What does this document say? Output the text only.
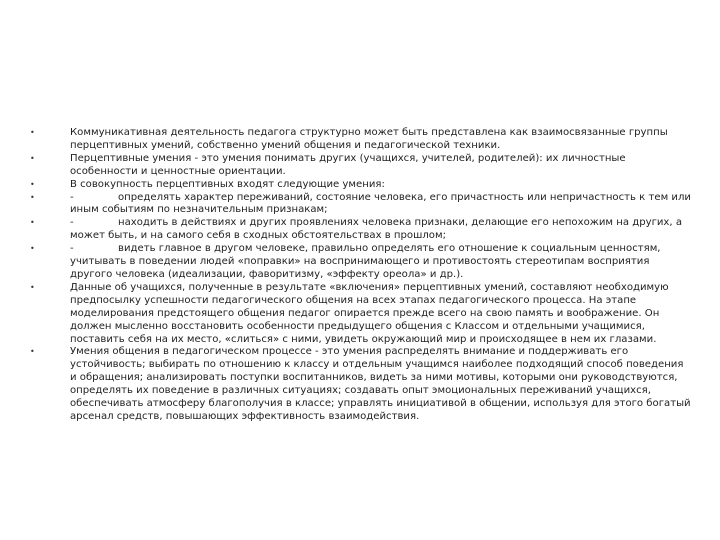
•	Коммуникативная деятельность педагога структурно может быть представлена как взаимосвязанные группы перцептивных умений, собственно умений общения и педагогической техники.
•	Перцептивные умения - это умения понимать других (учащихся, учителей, родителей): их личностные особенности и ценностные ориентации.
•	В совокупность перцептивных входят следующие умения:
•	-	определять характер переживаний, состояние человека, его причастность или непричастность к тем или иным событиям по незначительным признакам;
•	-	находить в действиях и других проявлениях человека признаки, делающие его непохожим на других, а может быть, и на самого себя в сходных обстоятельствах в прошлом;
•	-	видеть главное в другом человеке, правильно определять его отношение к социальным ценностям, учитывать в поведении людей «поправки» на воспринимающего и противостоять стереотипам восприятия другого человека (идеализации, фаворитизму, «эффекту ореола» и др.).
•	Данные об учащихся, полученные в результате «включения» перцептивных умений, составляют необходимую предпосылку успешности педагогического общения на всех этапах педагогического процесса. На этапе моделирования предстоящего общения педагог опирается прежде всего на свою память и воображение. Он должен мысленно восстановить особенности предыдущего общения с Классом и отдельными учащимися, поставить себя на их место, «слиться» с ними, увидеть окружающий мир и происходящее в нем их глазами.
•	Умения общения в педагогическом процессе - это умения распределять внимание и поддерживать его устойчивость; выбирать по отношению к классу и отдельным учащимся наиболее подходящий способ поведения и обращения; анализировать поступки воспитанников, видеть за ними мотивы, которыми они руководствуются, определять их поведение в различных ситуациях; создавать опыт эмоциональных переживаний учащихся, обеспечивать атмосферу благополучия в классе; управлять инициативой в общении, используя для этого богатый арсенал средств, повышающих эффективность взаимодействия.
